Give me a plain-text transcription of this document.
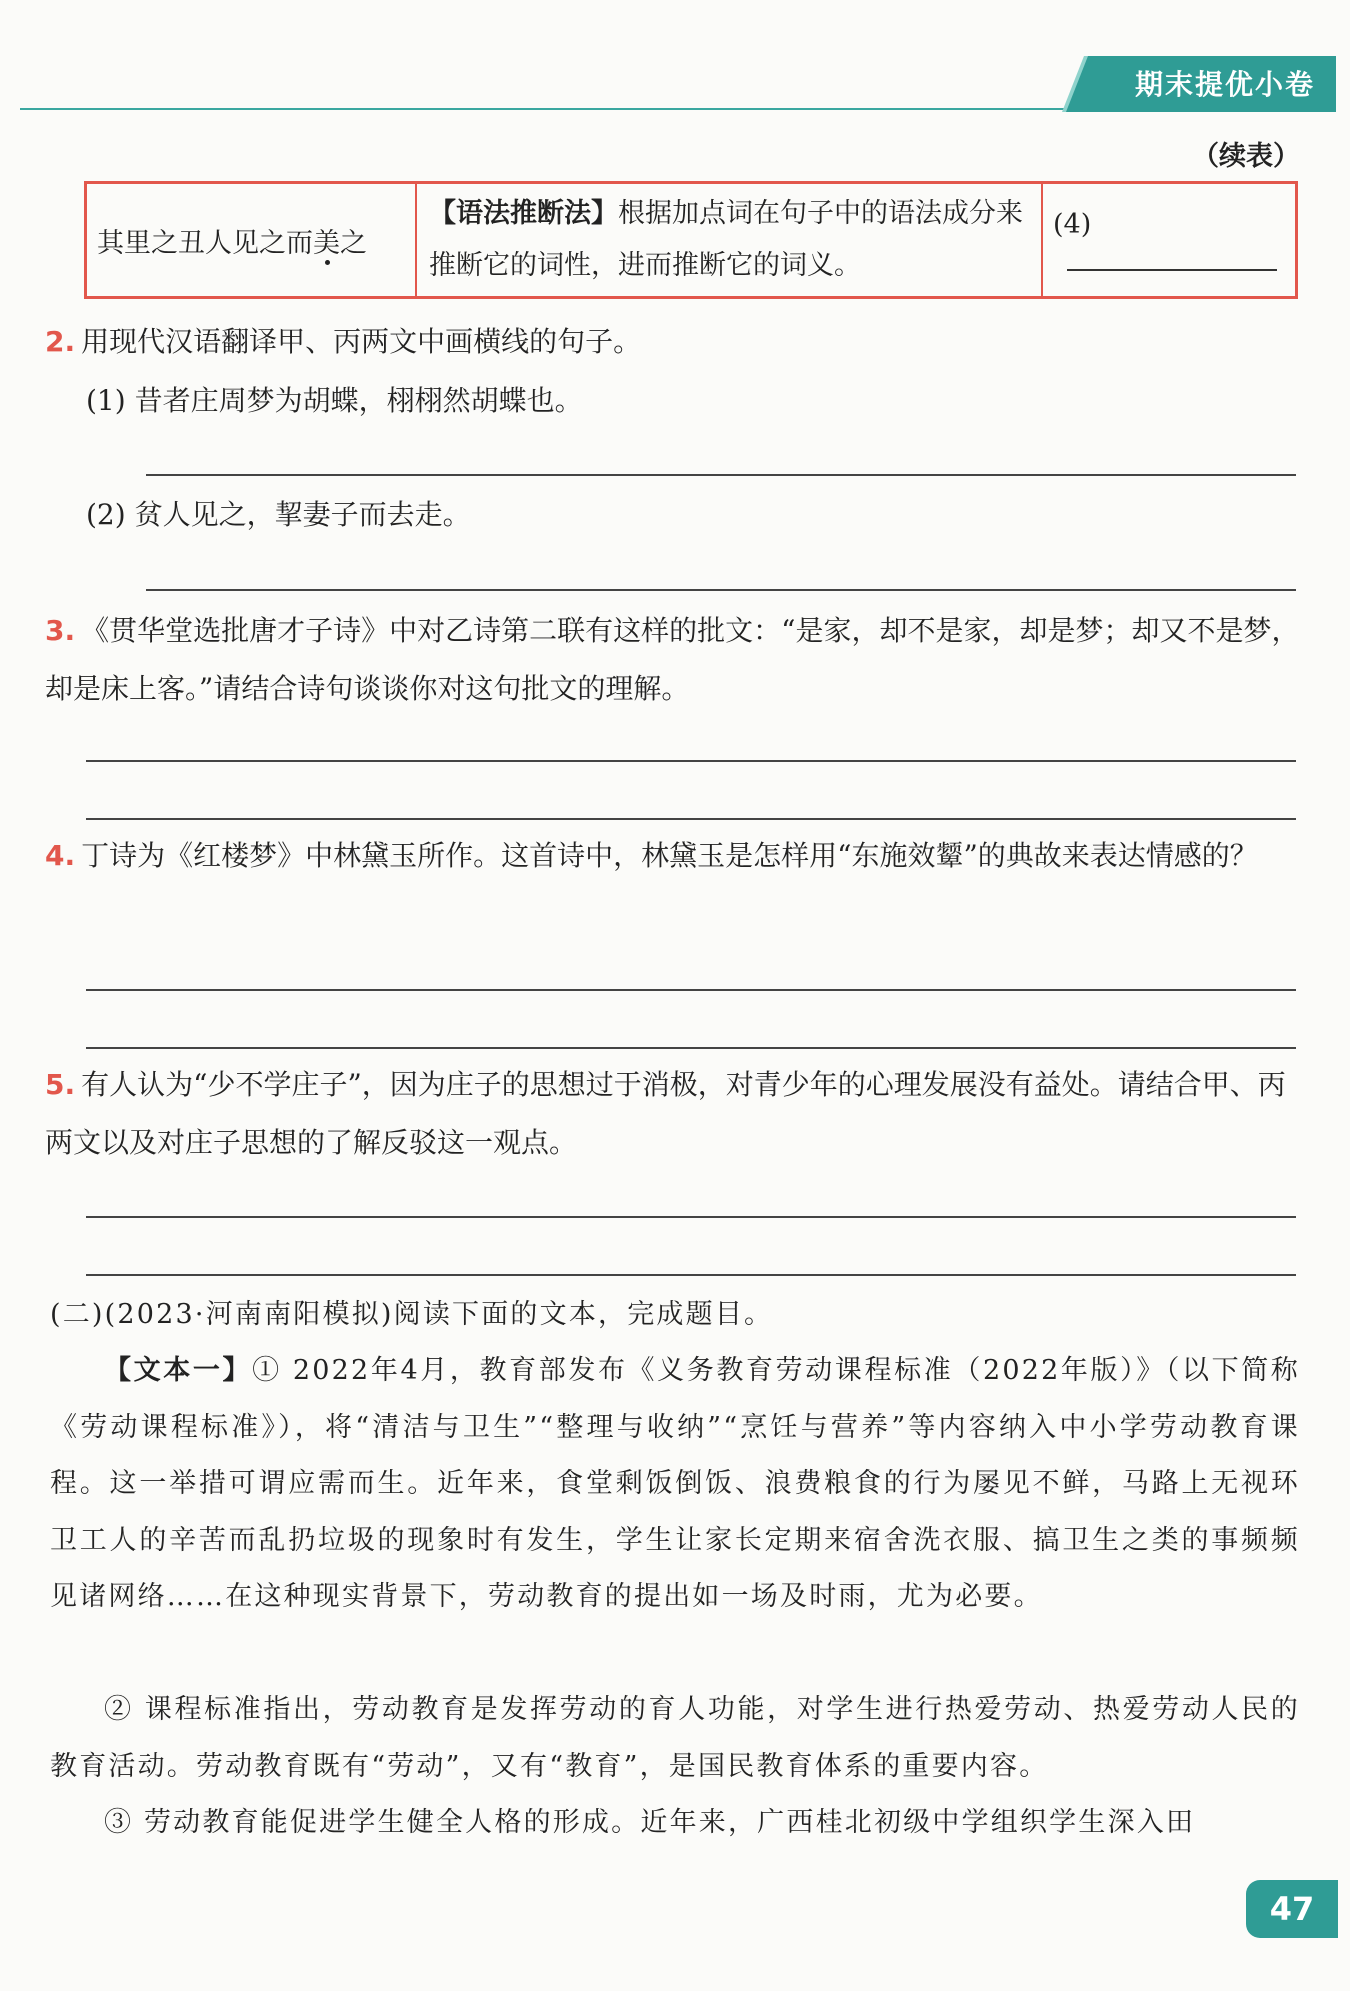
期末提优小卷
（续表）
其里之丑人见之而美之	【语法推断法】根据加点词在句子中的语法成分来推断它的词性，进而推断它的词义。	(4)
2. 用现代汉语翻译甲、丙两文中画横线的句子。
(1) 昔者庄周梦为胡蝶，栩栩然胡蝶也。
(2) 贫人见之，挈妻子而去走。
3. 《贯华堂选批唐才子诗》中对乙诗第二联有这样的批文：“是家，却不是家，却是梦；却又不是梦，却是床上客。”请结合诗句谈谈你对这句批文的理解。
4. 丁诗为《红楼梦》中林黛玉所作。这首诗中，林黛玉是怎样用“东施效颦”的典故来表达情感的？
5. 有人认为“少不学庄子”，因为庄子的思想过于消极，对青少年的心理发展没有益处。请结合甲、丙两文以及对庄子思想的了解反驳这一观点。
(二)(2023·河南南阳模拟)阅读下面的文本，完成题目。
【文本一】① 2022年4月，教育部发布《义务教育劳动课程标准（2022年版）》（以下简称《劳动课程标准》），将“清洁与卫生”“整理与收纳”“烹饪与营养”等内容纳入中小学劳动教育课程。这一举措可谓应需而生。近年来，食堂剩饭倒饭、浪费粮食的行为屡见不鲜，马路上无视环卫工人的辛苦而乱扔垃圾的现象时有发生，学生让家长定期来宿舍洗衣服、搞卫生之类的事频频见诸网络……在这种现实背景下，劳动教育的提出如一场及时雨，尤为必要。
② 课程标准指出，劳动教育是发挥劳动的育人功能，对学生进行热爱劳动、热爱劳动人民的教育活动。劳动教育既有“劳动”，又有“教育”，是国民教育体系的重要内容。
③ 劳动教育能促进学生健全人格的形成。近年来，广西桂北初级中学组织学生深入田
47
